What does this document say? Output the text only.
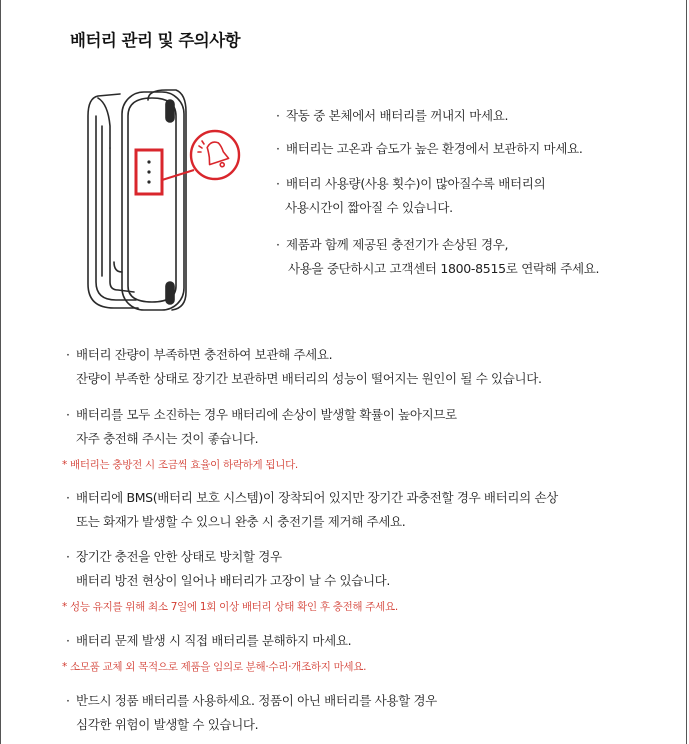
배터리 관리 및 주의사항
· 작동 중 본체에서 배터리를 꺼내지 마세요.
· 배터리는 고온과 습도가 높은 환경에서 보관하지 마세요.
· 배터리 사용량(사용 횟수)이 많아질수록 배터리의
사용시간이 짧아질 수 있습니다.
· 제품과 함께 제공된 충전기가 손상된 경우,
사용을 중단하시고 고객센터 1800-8515로 연락해 주세요.
· 배터리 잔량이 부족하면 충전하여 보관해 주세요.
잔량이 부족한 상태로 장기간 보관하면 배터리의 성능이 떨어지는 원인이 될 수 있습니다.
· 배터리를 모두 소진하는 경우 배터리에 손상이 발생할 확률이 높아지므로
자주 충전해 주시는 것이 좋습니다.
* 배터리는 충방전 시 조금씩 효율이 하락하게 됩니다.
· 배터리에 BMS(배터리 보호 시스템)이 장착되어 있지만 장기간 과충전할 경우 배터리의 손상
또는 화재가 발생할 수 있으니 완충 시 충전기를 제거해 주세요.
· 장기간 충전을 안한 상태로 방치할 경우
배터리 방전 현상이 일어나 배터리가 고장이 날 수 있습니다.
* 성능 유지를 위해 최소 7일에 1회 이상 배터리 상태 확인 후 충전해 주세요.
· 배터리 문제 발생 시 직접 배터리를 분해하지 마세요.
* 소모품 교체 외 목적으로 제품을 임의로 분해·수리·개조하지 마세요.
· 반드시 정품 배터리를 사용하세요. 정품이 아닌 배터리를 사용할 경우
심각한 위험이 발생할 수 있습니다.
